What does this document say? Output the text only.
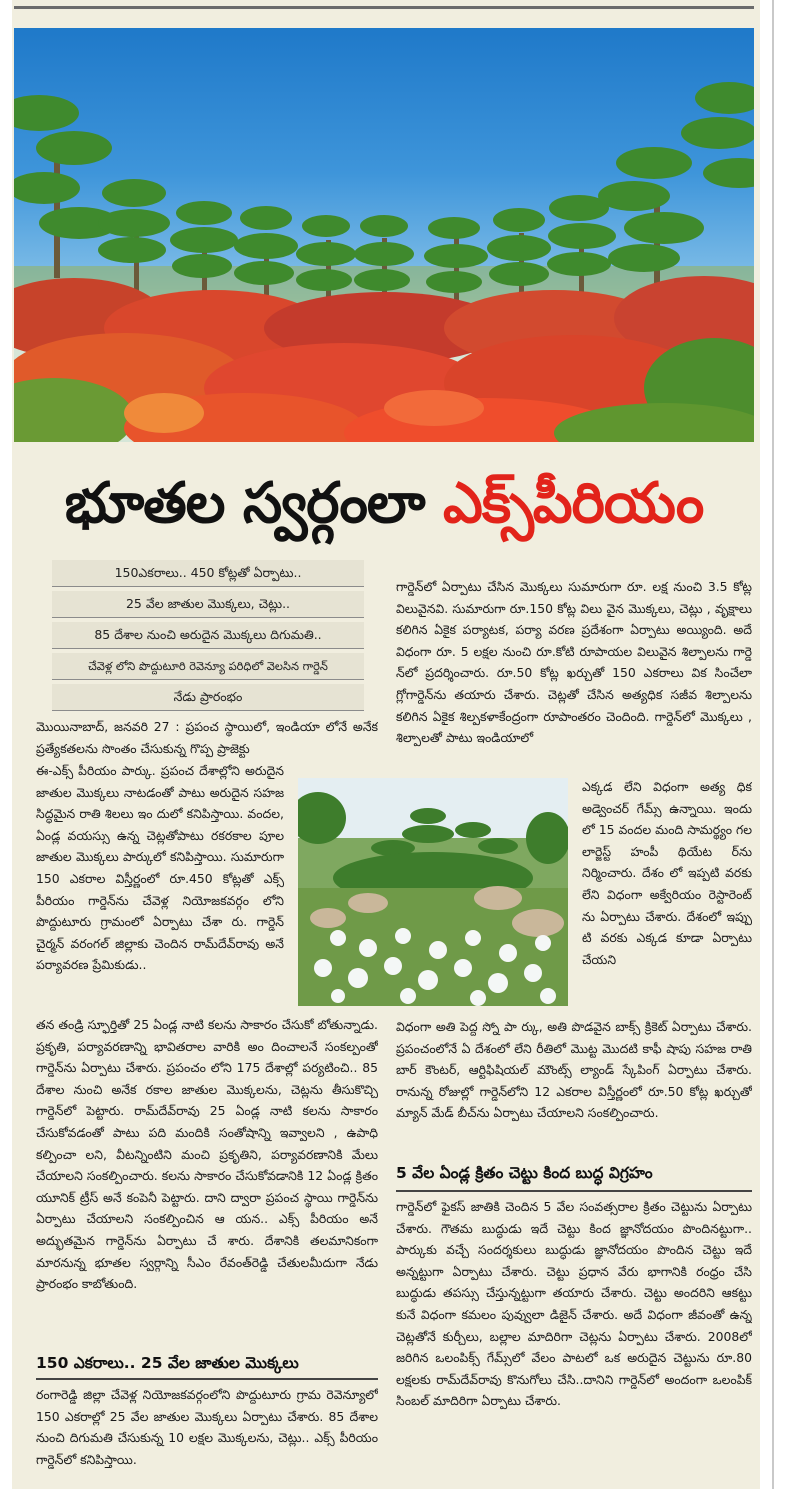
భూతల స్వర్గంలా ఎక్స్‌పీరియం
150ఎకరాలు.. 450 కోట్లతో ఏర్పాటు..
25 వేల జాతుల మొక్కలు, చెట్లు..
85 దేశాల నుంచి అరుదైన మొక్కలు దిగుమతి..
చేవెళ్ల లోని పొద్దుటూరి రెవెన్యూ పరిధిలో వెలసిన గార్డెన్
నేడు ప్రారంభం
మొయినాబాద్, జనవరి 27 : ప్రపంచ స్థాయిలో, ఇండియా లోనే అనేక ప్రత్యేకతలను సొంతం చేసుకున్న గొప్ప ప్రాజెక్టు
ఈ-ఎక్స్ పీరియం పార్కు. ప్రపంచ దేశాల్లోని అరుదైన జాతుల మొక్కలు నాటడంతో పాటు అరుదైన సహజ సిద్ధమైన రాతి శిలలు ఇం దులో కనిపిస్తాయి. వందల, ఏండ్ల వయస్సు ఉన్న చెట్లతోపాటు రకరకాల పూల జాతుల మొక్కలు పార్కులో కనిపిస్తాయి. సుమారుగా 150 ఎకరాల విస్తీర్ణంలో రూ.450 కోట్లతో ఎక్స్ పీరియం గార్డెన్‌ను చేవెళ్ల నియోజకవర్గం లోని పొద్దుటూరు గ్రామంలో ఏర్పాటు చేశా రు. గార్డెన్ చైర్మన్ వరంగల్ జిల్లాకు చెందిన రామ్‌దేవ్‌రావు అనే పర్యావరణ ప్రేమికుడు..
తన తండ్రి స్ఫూర్తితో 25 ఏండ్ల నాటి కలను సాకారం చేసుకో బోతున్నాడు. ప్రకృతి, పర్యావరణాన్ని భావితరాల వారికి అం దించాలనే సంకల్పంతో గార్డెన్‌ను ఏర్పాటు చేశారు. ప్రపంచం లోని 175 దేశాల్లో పర్యటించి.. 85 దేశాల నుంచి అనేక రకాల జాతుల మొక్కలను, చెట్లను తీసుకొచ్చి గార్డెన్‌లో పెట్టారు. రామ్‌దేవ్‌రావు 25 ఏండ్ల నాటి కలను సాకారం చేసుకోవడంతో పాటు పది మందికి సంతోషాన్ని ఇవ్వాలని , ఉపాధి కల్పించా లని, వీటన్నింటిని మంచి ప్రకృతిని, పర్యావరణానికి మేలు చేయాలని సంకల్పించారు. కలను సాకారం చేసుకోవడానికి 12 ఏండ్ల క్రితం యూనిక్ ట్రీస్ అనే కంపెనీ పెట్టారు. దాని ద్వారా ప్రపంచ స్థాయి గార్డెన్‌ను ఏర్పాటు చేయాలని సంకల్పించిన ఆ యన.. ఎక్స్ పీరియం అనే అద్భుతమైన గార్డెన్‌ను ఏర్పాటు చే శారు. దేశానికి తలమానికంగా మారనున్న భూతల స్వర్గాన్ని సీఎం రేవంత్‌రెడ్డి చేతులమీదుగా నేడు ప్రారంభం కాబోతుంది.
150 ఎకరాలు.. 25 వేల జాతుల మొక్కలు
రంగారెడ్డి జిల్లా చేవెళ్ల నియోజకవర్గంలోని పొద్దుటూరు గ్రామ రెవెన్యూలో 150 ఎకరాల్లో 25 వేల జాతుల మొక్కలు ఏర్పాటు చేశారు. 85 దేశాల నుంచి దిగుమతి చేసుకున్న 10 లక్షల మొక్కలను, చెట్లు.. ఎక్స్ పీరియం గార్డెన్‌లో కనిపిస్తాయి.
గార్డెన్‌లో ఏర్పాటు చేసిన మొక్కలు సుమారుగా రూ. లక్ష నుంచి 3.5 కోట్ల విలువైనవి. సుమారుగా రూ.150 కోట్ల విలు వైన మొక్కలు, చెట్లు , వృక్షాలు కలిగిన ఏకైక పర్యాటక, పర్యా వరణ ప్రదేశంగా ఏర్పాటు అయ్యింది. అదే విధంగా రూ. 5 లక్షల నుంచి రూ.కోటి రూపాయల విలువైన శిల్పాలను గార్డె న్‌లో ప్రదర్శించారు. రూ.50 కోట్ల ఖర్చుతో 150 ఎకరాలు విక సించేలా గ్లోగార్డెన్‌ను తయారు చేశారు. చెట్లతో చేసిన అత్యధిక సజీవ శిల్పాలను కలిగిన ఏకైక శిల్పకళాకేంద్రంగా రూపాంతరం చెందింది. గార్డెన్‌లో మొక్కలు , శిల్పాలతో పాటు ఇండియాలో
ఎక్కడ లేని విధంగా అత్య ధిక అడ్వెంచర్ గేమ్స్ ఉన్నాయి. ఇందు లో 15 వందల మంది సామర్థ్యం గల లార్జెస్ట్ హంపీ థియేట ర్‌ను నిర్మించారు. దేశం లో ఇప్పటి వరకు లేని విధంగా అక్వేరియం రెస్టారెంట్ ను ఏర్పాటు చేశారు. దేశంలో ఇప్పు టి వరకు ఎక్కడ కూడా ఏర్పాటు చేయని
విధంగా అతి పెద్ద స్నో పా ర్కు, అతి పొడవైన బాక్స్ క్రికెట్ ఏర్పాటు చేశారు. ప్రపంచంలోనే ఏ దేశంలో లేని రీతిలో మొట్ట మొదటి కాఫీ షాపు సహజ రాతి బార్ కౌంటర్, ఆర్టిఫిషియల్ మౌంట్స్ ల్యాండ్ స్కేపింగ్ ఏర్పాటు చేశారు. రానున్న రోజుల్లో గార్డెన్‌లోని 12 ఎకరాల విస్తీర్ణంలో రూ.50 కోట్ల ఖర్చుతో మ్యాన్ మేడ్ బీచ్‌ను ఏర్పాటు చేయాలని సంకల్పించారు.
5 వేల ఏండ్ల క్రితం చెట్టు కింద బుద్ధ విగ్రహం
గార్డెన్‌లో ఫైకస్ జాతికి చెందిన 5 వేల సంవత్సరాల క్రితం చెట్టును ఏర్పాటు చేశారు. గౌతమ బుద్ధుడు ఇదే చెట్టు కింద జ్ఞానోదయం పొందినట్టుగా.. పార్కుకు వచ్చే సందర్శకులు బుద్ధుడు జ్ఞానోదయం పొందిన చెట్టు ఇదే అన్నట్టుగా ఏర్పాటు చేశారు. చెట్టు ప్రధాన వేరు భాగానికి రంధ్రం చేసి బుద్ధుడు తపస్సు చేస్తున్నట్టుగా తయారు చేశారు. చెట్టు అందరిని ఆకట్టు కునే విధంగా కమలం పువ్వులా డిజైన్ చేశారు. అదే విధంగా జీవంతో ఉన్న చెట్లతోనే కుర్చీలు, బల్లాల మాదిరిగా చెట్లను ఏర్పాటు చేశారు. 2008లో జరిగిన ఒలంపిక్స్ గేమ్స్‌లో వేలం పాటలో ఒక అరుదైన చెట్టును రూ.80 లక్షలకు రామ్‌దేవ్‌రావు కొనుగోలు చేసి..దానిని గార్డెన్‌లో అందంగా ఒలంపిక్ సింబల్ మాదిరిగా ఏర్పాటు చేశారు.
